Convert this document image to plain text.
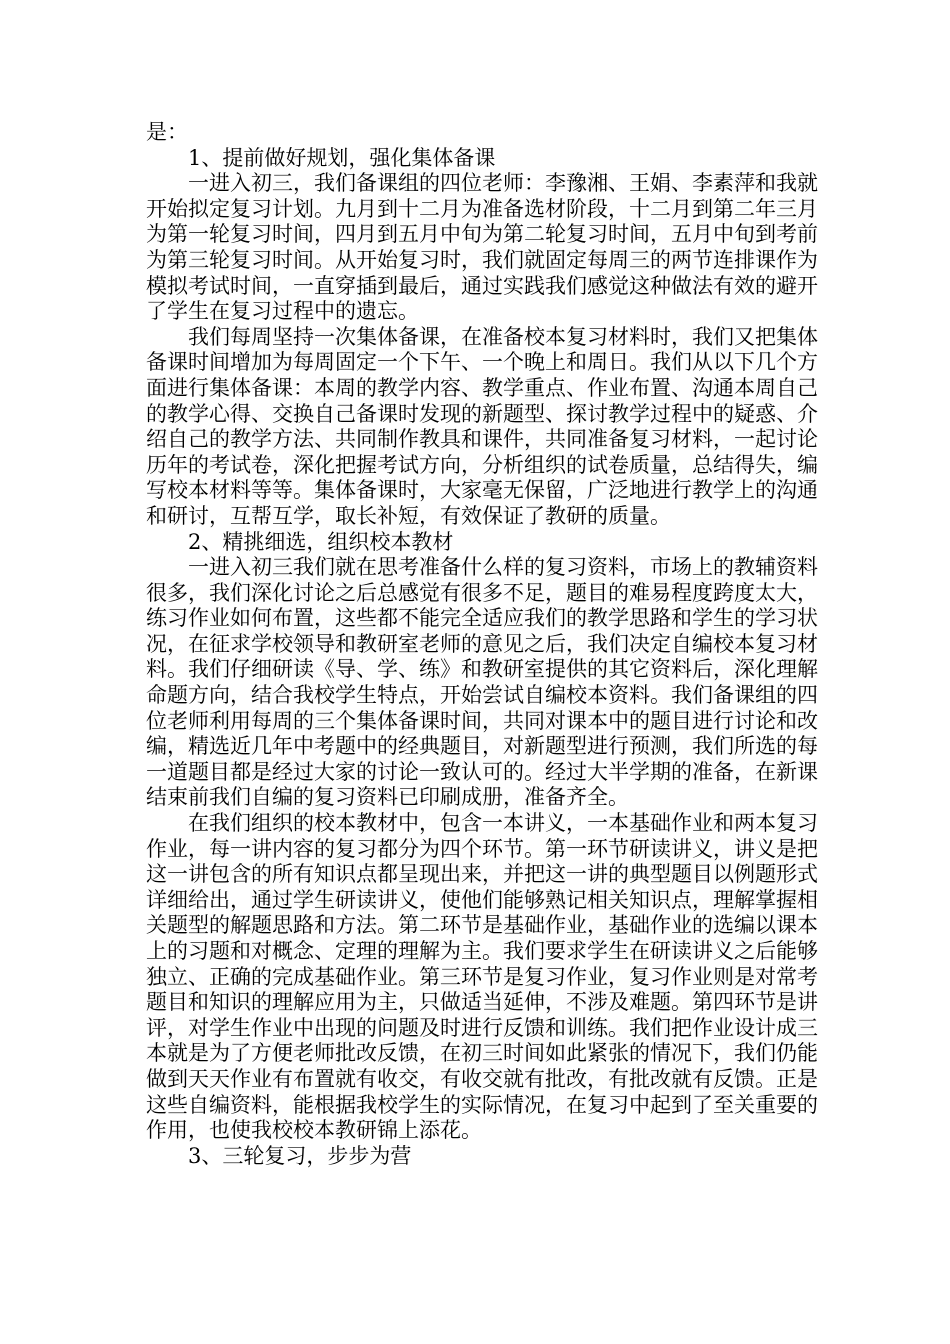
是：

1、提前做好规划，强化集体备课

一进入初三，我们备课组的四位老师：李豫湘、王娟、李素萍和我就开始拟定复习计划。九月到十二月为准备选材阶段，十二月到第二年三月为第一轮复习时间，四月到五月中旬为第二轮复习时间，五月中旬到考前为第三轮复习时间。从开始复习时，我们就固定每周三的两节连排课作为模拟考试时间，一直穿插到最后，通过实践我们感觉这种做法有效的避开了学生在复习过程中的遗忘。

我们每周坚持一次集体备课，在准备校本复习材料时，我们又把集体备课时间增加为每周固定一个下午、一个晚上和周日。我们从以下几个方面进行集体备课：本周的教学内容、教学重点、作业布置、沟通本周自己的教学心得、交换自己备课时发现的新题型、探讨教学过程中的疑惑、介绍自己的教学方法、共同制作教具和课件，共同准备复习材料，一起讨论历年的考试卷，深化把握考试方向，分析组织的试卷质量，总结得失，编写校本材料等等。集体备课时，大家毫无保留，广泛地进行教学上的沟通和研讨，互帮互学，取长补短，有效保证了教研的质量。

2、精挑细选，组织校本教材

一进入初三我们就在思考准备什么样的复习资料，市场上的教辅资料很多，我们深化讨论之后总感觉有很多不足，题目的难易程度跨度太大，练习作业如何布置，这些都不能完全适应我们的教学思路和学生的学习状况，在征求学校领导和教研室老师的意见之后，我们决定自编校本复习材料。我们仔细研读《导、学、练》和教研室提供的其它资料后，深化理解命题方向，结合我校学生特点，开始尝试自编校本资料。我们备课组的四位老师利用每周的三个集体备课时间，共同对课本中的题目进行讨论和改编，精选近几年中考题中的经典题目，对新题型进行预测，我们所选的每一道题目都是经过大家的讨论一致认可的。经过大半学期的准备，在新课结束前我们自编的复习资料已印刷成册，准备齐全。

在我们组织的校本教材中，包含一本讲义，一本基础作业和两本复习作业，每一讲内容的复习都分为四个环节。第一环节研读讲义，讲义是把这一讲包含的所有知识点都呈现出来，并把这一讲的典型题目以例题形式详细给出，通过学生研读讲义，使他们能够熟记相关知识点，理解掌握相关题型的解题思路和方法。第二环节是基础作业，基础作业的选编以课本上的习题和对概念、定理的理解为主。我们要求学生在研读讲义之后能够独立、正确的完成基础作业。第三环节是复习作业，复习作业则是对常考题目和知识的理解应用为主，只做适当延伸，不涉及难题。第四环节是讲评，对学生作业中出现的问题及时进行反馈和训练。我们把作业设计成三本就是为了方便老师批改反馈，在初三时间如此紧张的情况下，我们仍能做到天天作业有布置就有收交，有收交就有批改，有批改就有反馈。正是这些自编资料，能根据我校学生的实际情况，在复习中起到了至关重要的作用，也使我校校本教研锦上添花。

3、三轮复习，步步为营
